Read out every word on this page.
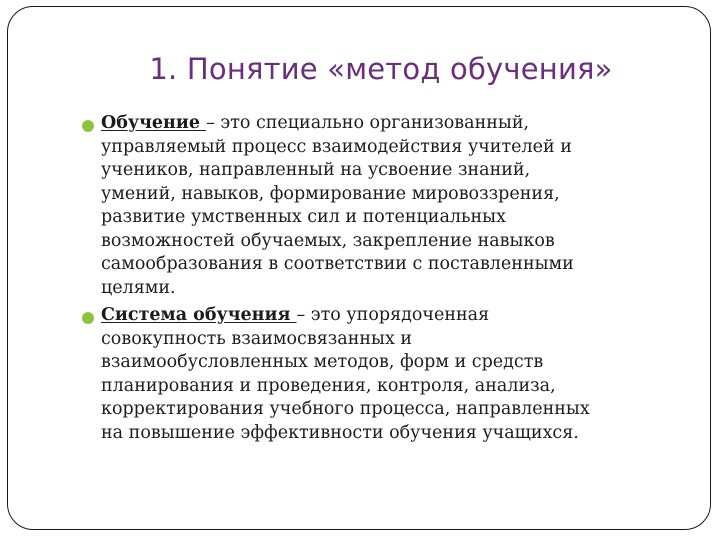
1. Понятие «метод обучения»
Обучение – это специально организованный,
управляемый процесс взаимодействия учителей и
учеников, направленный на усвоение знаний,
умений, навыков, формирование мировоззрения,
развитие умственных сил и потенциальных
возможностей обучаемых, закрепление навыков
самообразования в соответствии с поставленными
целями.
Система обучения – это упорядоченная
совокупность взаимосвязанных и
взаимообусловленных методов, форм и средств
планирования и проведения, контроля, анализа,
корректирования учебного процесса, направленных
на повышение эффективности обучения учащихся.
